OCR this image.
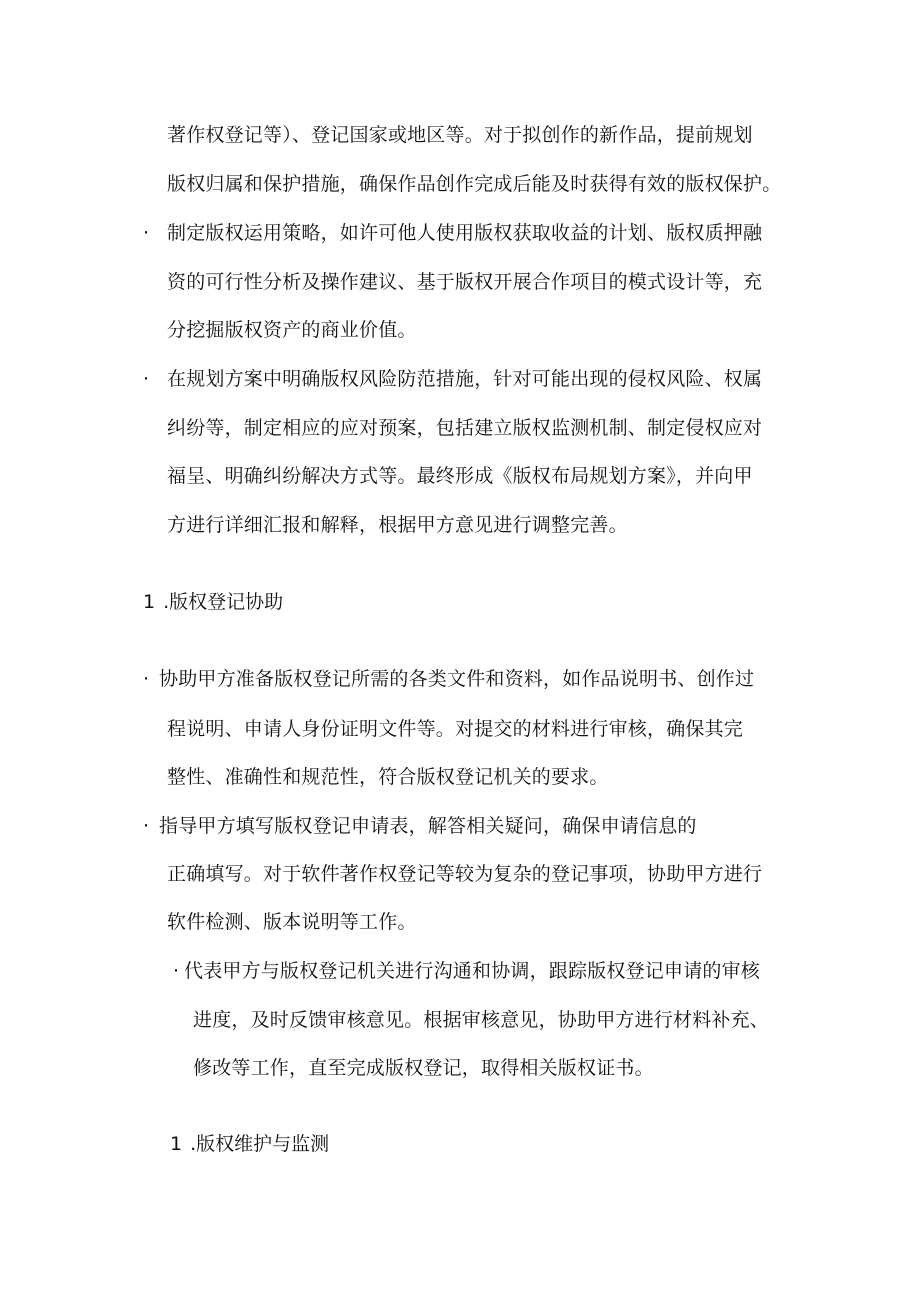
著作权登记等）、登记国家或地区等。对于拟创作的新作品，提前规划
版权归属和保护措施，确保作品创作完成后能及时获得有效的版权保护。
· 制定版权运用策略，如许可他人使用版权获取收益的计划、版权质押融
资的可行性分析及操作建议、基于版权开展合作项目的模式设计等，充
分挖掘版权资产的商业价值。
· 在规划方案中明确版权风险防范措施，针对可能出现的侵权风险、权属
纠纷等，制定相应的应对预案，包括建立版权监测机制、制定侵权应对
福呈、明确纠纷解决方式等。最终形成《版权布局规划方案》，并向甲
方进行详细汇报和解释，根据甲方意见进行调整完善。
1 .版权登记协助
· 协助甲方准备版权登记所需的各类文件和资料，如作品说明书、创作过
程说明、申请人身份证明文件等。对提交的材料进行审核，确保其完
整性、准确性和规范性，符合版权登记机关的要求。
· 指导甲方填写版权登记申请表，解答相关疑问，确保申请信息的
正确填写。对于软件著作权登记等较为复杂的登记事项，协助甲方进行
软件检测、版本说明等工作。
· 代表甲方与版权登记机关进行沟通和协调，跟踪版权登记申请的审核
进度，及时反馈审核意见。根据审核意见，协助甲方进行材料补充、
修改等工作，直至完成版权登记，取得相关版权证书。
1 .版权维护与监测
